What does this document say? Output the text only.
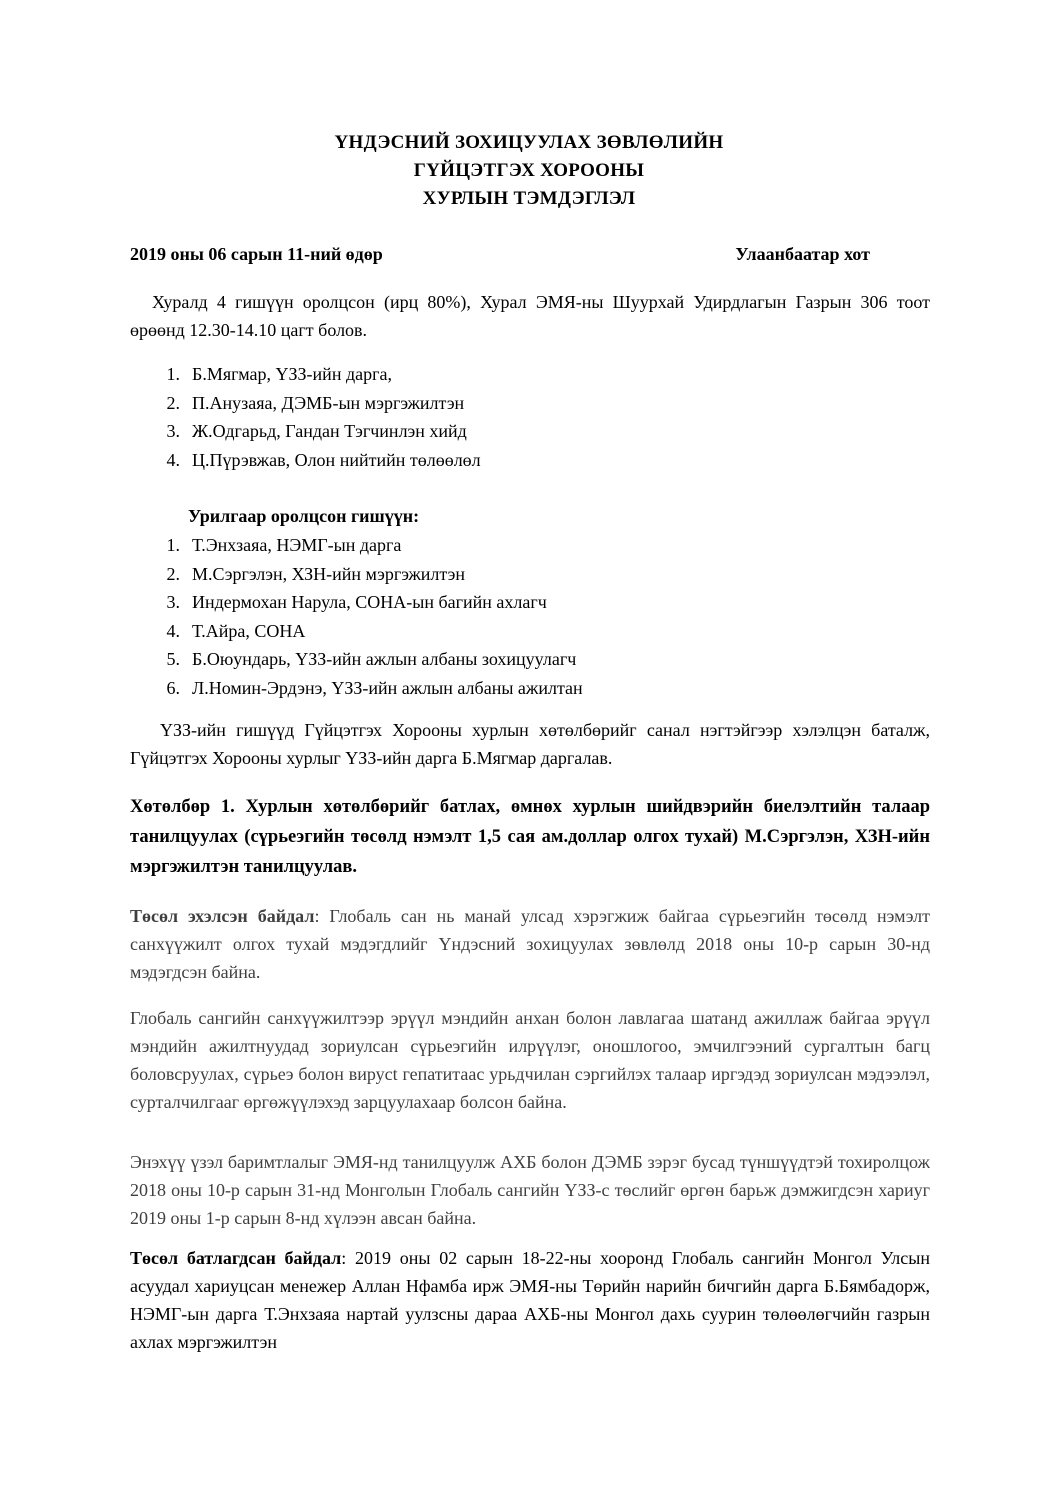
ҮНДЭСНИЙ ЗОХИЦУУЛАХ ЗӨВЛӨЛИЙН
ГҮЙЦЭТГЭХ ХОРООНЫ
ХУРЛЫН ТЭМДЭГЛЭЛ
2019 оны 06 сарын 11-ний өдөр	Улаанбаатар хот
Хуралд 4 гишүүн оролцсон (ирц 80%), Хурал ЭМЯ-ны Шуурхай Удирдлагын Газрын 306 тоот өрөөнд 12.30-14.10 цагт болов.
1. Б.Мягмар, ҮЗЗ-ийн дарга,
2. П.Анузаяа, ДЭМБ-ын мэргэжилтэн
3. Ж.Одгарьд, Гандан Тэгчинлэн хийд
4. Ц.Пүрэвжав, Олон нийтийн төлөөлөл
Урилгаар оролцсон гишүүн:
1. Т.Энхзаяа, НЭМГ-ын дарга
2. М.Сэргэлэн, ХЗН-ийн мэргэжилтэн
3. Индермохан Нарула, СОНА-ын багийн ахлагч
4. Т.Айра, СОНА
5. Б.Оюундарь, ҮЗЗ-ийн ажлын албаны зохицуулагч
6. Л.Номин-Эрдэнэ, ҮЗЗ-ийн ажлын албаны ажилтан
ҮЗЗ-ийн гишүүд Гүйцэтгэх Хорооны хурлын хөтөлбөрийг санал нэгтэйгээр хэлэлцэн баталж, Гүйцэтгэх Хорооны хурлыг ҮЗЗ-ийн дарга Б.Мягмар даргалав.
Хөтөлбөр 1. Хурлын хөтөлбөрийг батлах, өмнөх хурлын шийдвэрийн биелэлтийн талаар танилцуулах (сүрьеэгийн төсөлд нэмэлт 1,5 сая ам.доллар олгох тухай) М.Сэргэлэн, ХЗН-ийн мэргэжилтэн танилцуулав.
Төсөл эхэлсэн байдал: Глобаль сан нь манай улсад хэрэгжиж байгаа сүрьеэгийн төсөлд нэмэлт санхүүжилт олгох тухай мэдэгдлийг Үндэсний зохицуулах зөвлөлд 2018 оны 10-р сарын 30-нд мэдэгдсэн байна.
Глобаль сангийн санхүүжилтээр эрүүл мэндийн анхан болон лавлагаа шатанд ажиллаж байгаа эрүүл мэндийн ажилтнуудад зориулсан сүрьеэгийн илрүүлэг, оношлогоо, эмчилгээний сургалтын багц боловсруулах, сүрьеэ болон вирусt гепатитаас урьдчилан сэргийлэх талаар иргэдэд зориулсан мэдээлэл, сурталчилгааг өргөжүүлэхэд зарцуулахаар болсон байна.
Энэхүү үзэл баримтлалыг ЭМЯ-нд танилцуулж АХБ болон ДЭМБ зэрэг бусад түншүүдтэй тохиролцож 2018 оны 10-р сарын 31-нд Монголын Глобаль сангийн ҮЗЗ-с төслийг өргөн барьж дэмжигдсэн хариуг 2019 оны 1-р сарын 8-нд хүлээн авсан байна.
Төсөл батлагдсан байдал: 2019 оны 02 сарын 18-22-ны хооронд Глобаль сангийн Монгол Улсын асуудал хариуцсан менежер Аллан Нфамба ирж ЭМЯ-ны Төрийн нарийн бичгийн дарга Б.Бямбадорж, НЭМГ-ын дарга Т.Энхзаяа нартай уулзсны дараа АХБ-ны Монгол дахь суурин төлөөлөгчийн газрын ахлах мэргэжилтэн
